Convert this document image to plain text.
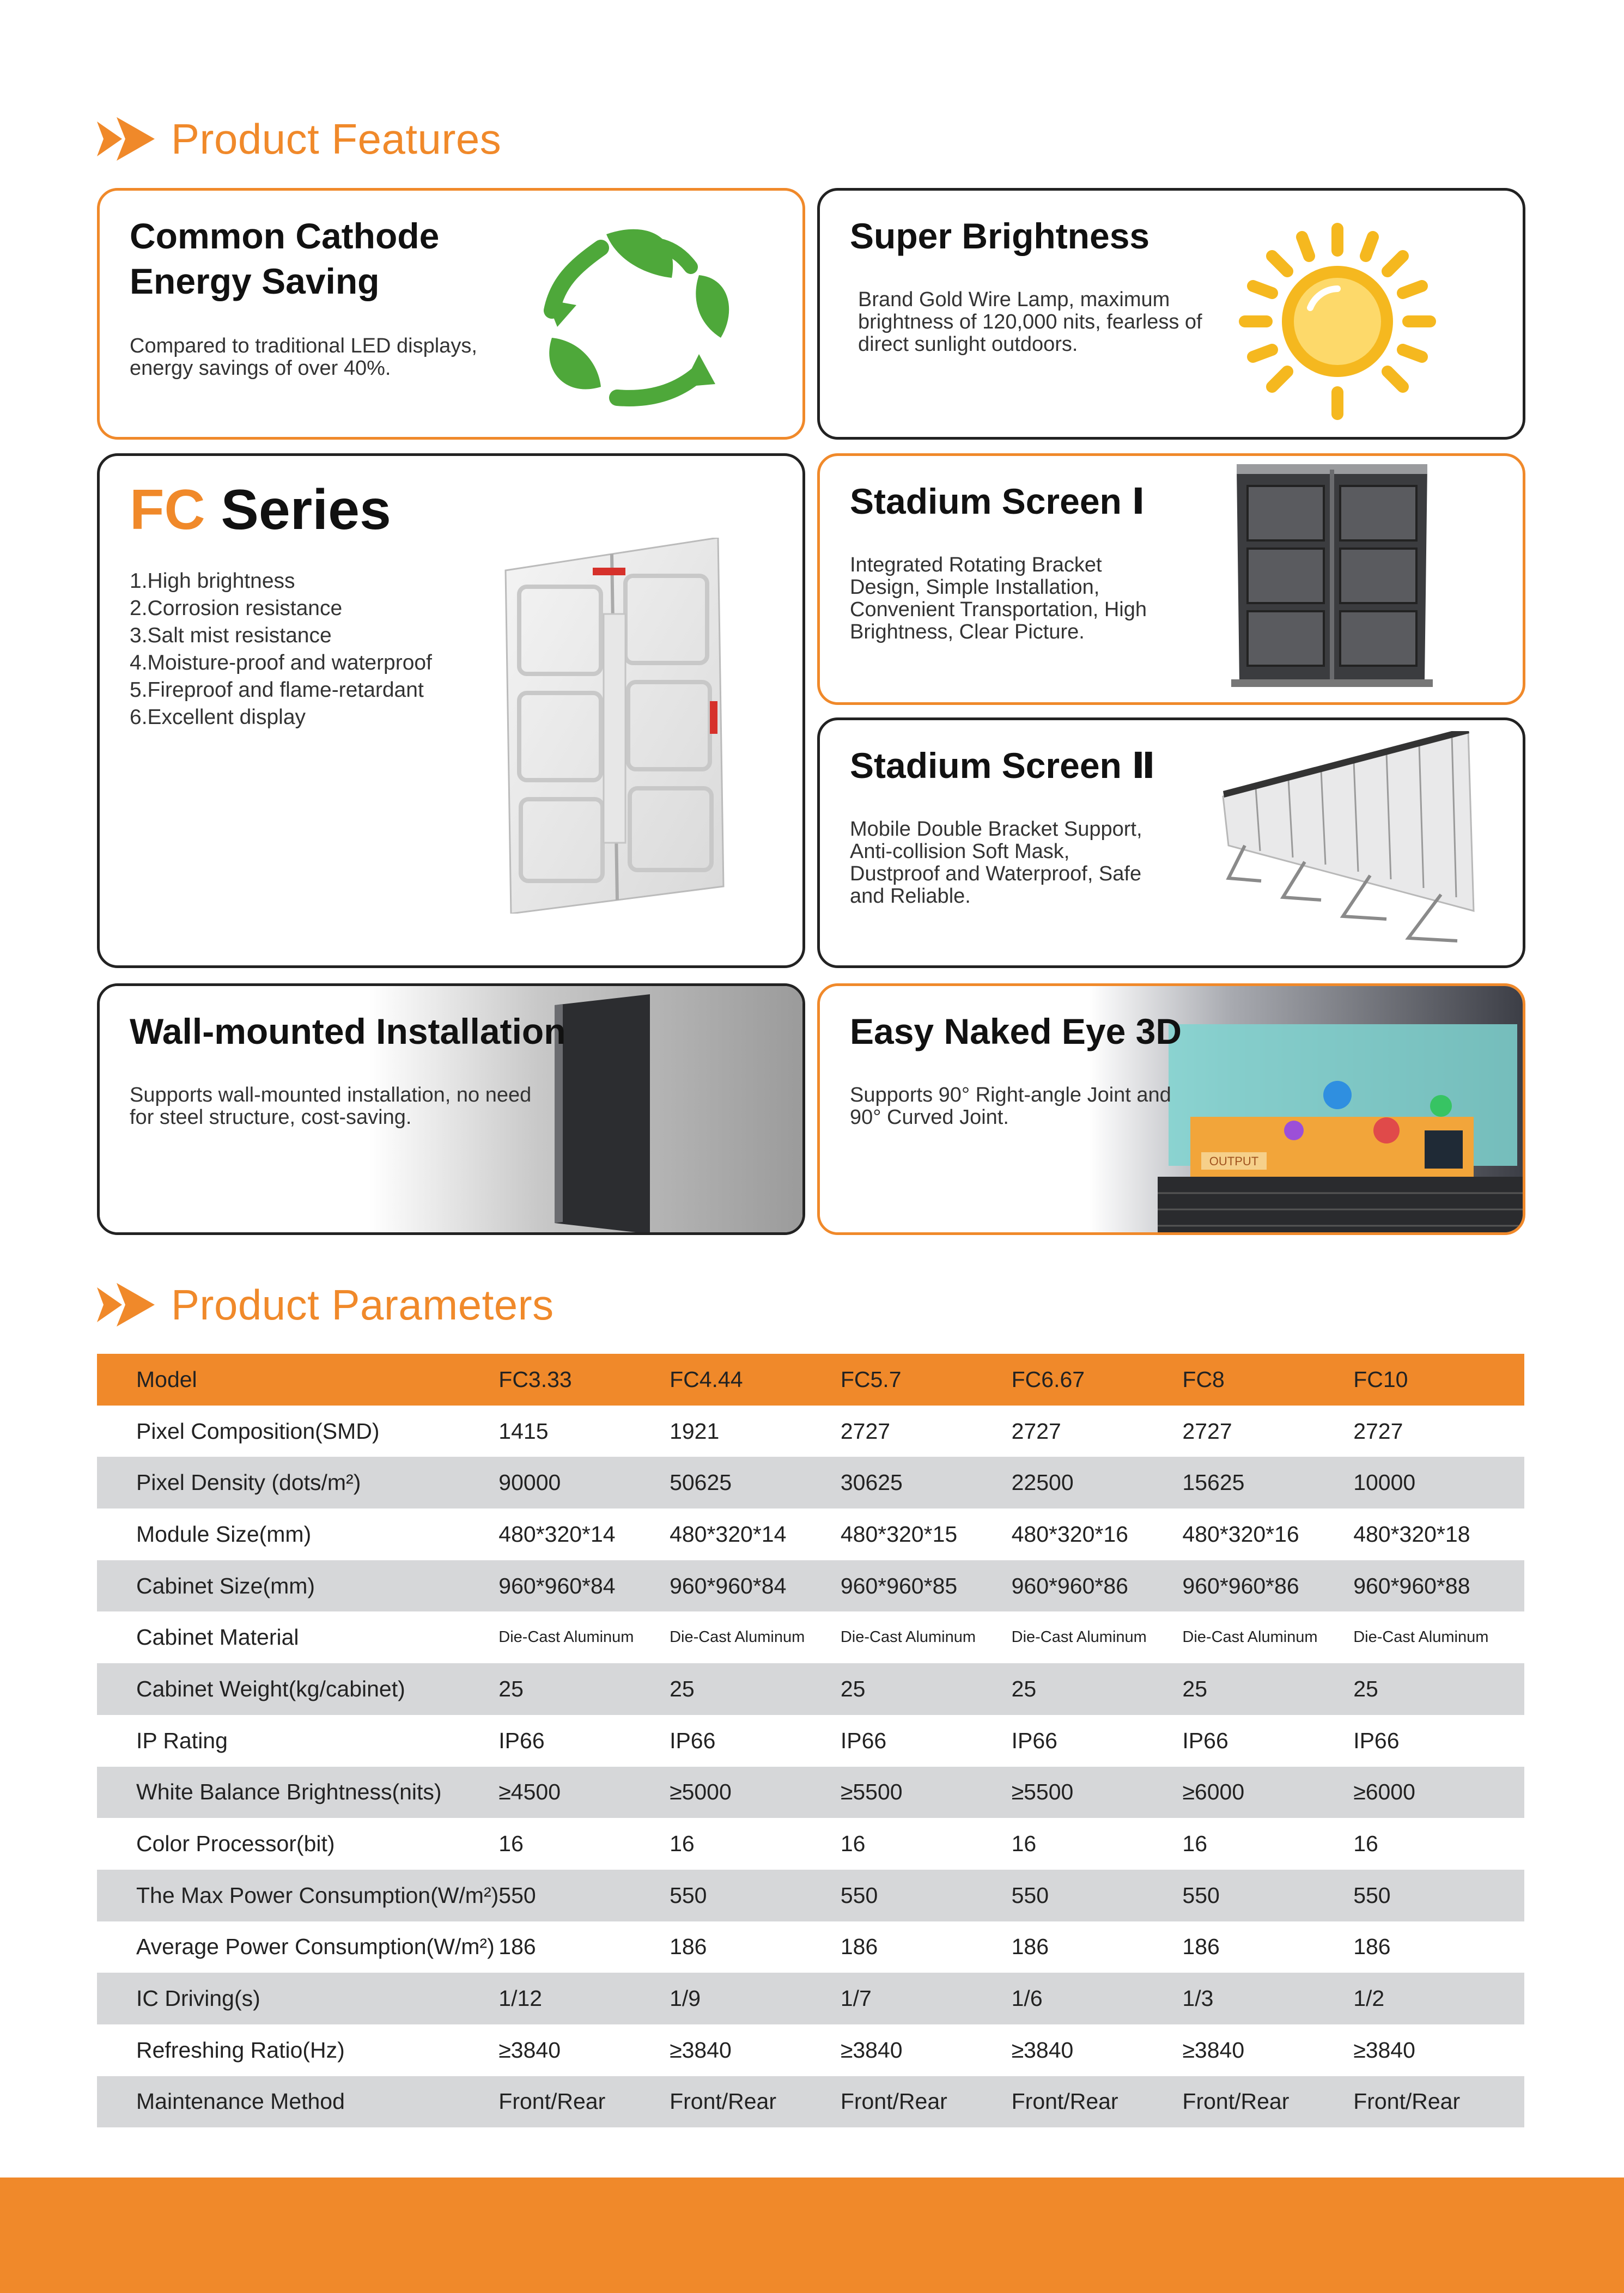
Product Features
Common Cathode
Energy Saving

Compared to traditional LED displays,
energy savings of over 40%.

Super Brightness

Brand Gold Wire Lamp, maximum
brightness of 120,000 nits, fearless of
direct sunlight outdoors.

FC Series
1.High brightness
2.Corrosion resistance
3.Salt mist resistance
4.Moisture-proof and waterproof
5.Fireproof and flame-retardant
6.Excellent display
Stadium Screen Ⅰ

Integrated Rotating Bracket
Design, Simple Installation,
Convenient Transportation, High
Brightness, Clear Picture.

Stadium Screen Ⅱ

Mobile Double Bracket Support,
Anti-collision Soft Mask,
Dustproof and Waterproof, Safe
and Reliable.

Wall-mounted Installation

Supports wall-mounted installation, no need
for steel structure, cost-saving.

OUTPUT
Easy Naked Eye 3D

Supports 90° Right-angle Joint and
90° Curved Joint.

Product Parameters
Model	FC3.33	FC4.44	FC5.7	FC6.67	FC8	FC10
Pixel Composition(SMD)	1415	1921	2727	2727	2727	2727
Pixel Density (dots/m²)	90000	50625	30625	22500	15625	10000
Module Size(mm)	480*320*14	480*320*14	480*320*15	480*320*16	480*320*16	480*320*18
Cabinet Size(mm)	960*960*84	960*960*84	960*960*85	960*960*86	960*960*86	960*960*88
Cabinet Material	Die-Cast Aluminum	Die-Cast Aluminum	Die-Cast Aluminum	Die-Cast Aluminum	Die-Cast Aluminum	Die-Cast Aluminum
Cabinet Weight(kg/cabinet)	25	25	25	25	25	25
IP Rating	IP66	IP66	IP66	IP66	IP66	IP66
White Balance Brightness(nits)	≥4500	≥5000	≥5500	≥5500	≥6000	≥6000
Color Processor(bit)	16	16	16	16	16	16
The Max Power Consumption(W/m²)	550	550	550	550	550	550
Average Power Consumption(W/m²)	186	186	186	186	186	186
IC Driving(s)	1/12	1/9	1/7	1/6	1/3	1/2
Refreshing Ratio(Hz)	≥3840	≥3840	≥3840	≥3840	≥3840	≥3840
Maintenance Method	Front/Rear	Front/Rear	Front/Rear	Front/Rear	Front/Rear	Front/Rear
